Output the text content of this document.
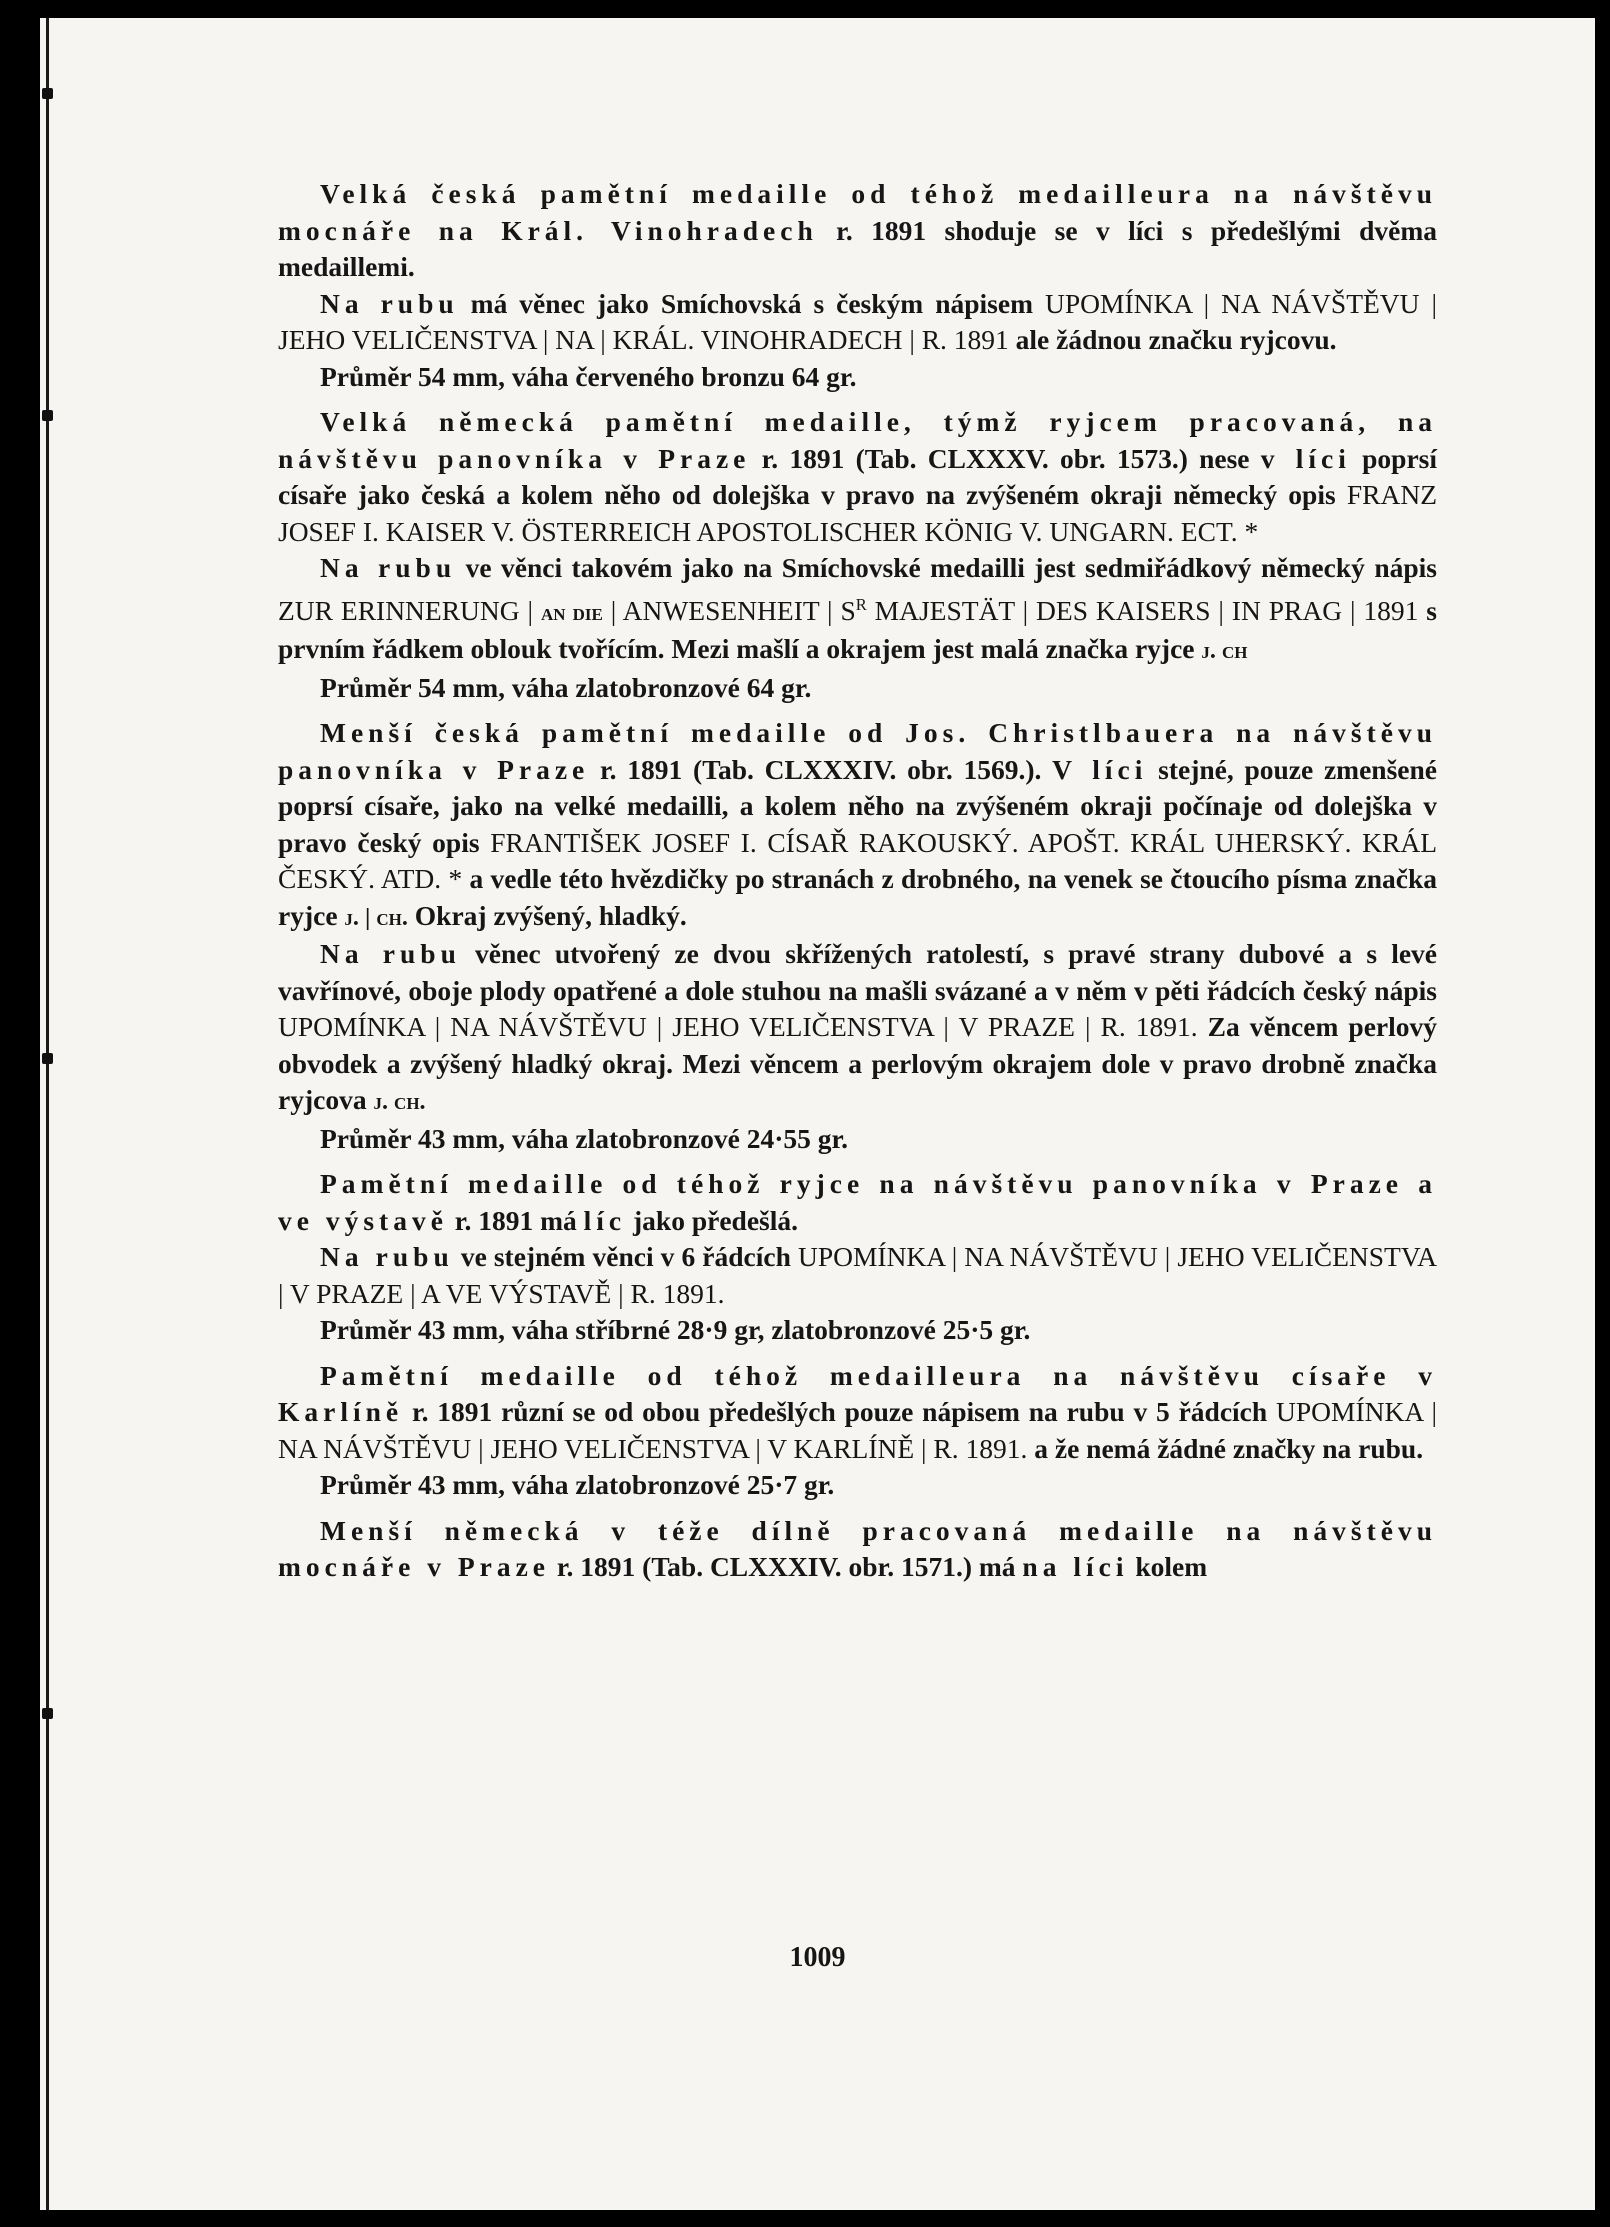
Velká česká pamětní medaille od téhož medailleura na návštěvu mocnáře na Král. Vinohradech r. 1891 shoduje se v líci s předešlými dvěma medaillemi.

Na rubu má věnec jako Smíchovská s českým nápisem UPOMÍNKA | NA NÁVŠTĚVU | JEHO VELIČENSTVA | NA | KRÁL. VINOHRADECH | R. 1891 ale žádnou značku ryjcovu.

Průměr 54 mm, váha červeného bronzu 64 gr.

Velká německá pamětní medaille, týmž ryjcem pracovaná, na návštěvu panovníka v Praze r. 1891 (Tab. CLXXXV. obr. 1573.) nese v líci poprsí císaře jako česká a kolem něho od dolejška v pravo na zvýšeném okraji německý opis FRANZ JOSEF I. KAISER V. ÖSTERREICH APOSTOLISCHER KÖNIG V. UNGARN. ECT. *

Na rubu ve věnci takovém jako na Smíchovské medailli jest sedmiřádkový německý nápis ZUR ERINNERUNG | an die | ANWESENHEIT | $S^R$ MAJESTÄT | DES KAISERS | IN PRAG | 1891 s prvním řádkem oblouk tvořícím. Mezi mašlí a okrajem jest malá značka ryjce j. ch

Průměr 54 mm, váha zlatobronzové 64 gr.

Menší česká pamětní medaille od Jos. Christlbauera na návštěvu panovníka v Praze r. 1891 (Tab. CLXXXIV. obr. 1569.). V líci stejné, pouze zmenšené poprsí císaře, jako na velké medailli, a kolem něho na zvýšeném okraji počínaje od dolejška v pravo český opis FRANTIŠEK JOSEF I. CÍSAŘ RAKOUSKÝ. APOŠT. KRÁL UHERSKÝ. KRÁL ČESKÝ. ATD. * a vedle této hvězdičky po stranách z drobného, na venek se čtoucího písma značka ryjce j. | ch. Okraj zvýšený, hladký.

Na rubu věnec utvořený ze dvou skřížených ratolestí, s pravé strany dubové a s levé vavřínové, oboje plody opatřené a dole stuhou na mašli svázané a v něm v pěti řádcích český nápis UPOMÍNKA | NA NÁVŠTĚVU | JEHO VELIČENSTVA | V PRAZE | R. 1891. Za věncem perlový obvodek a zvýšený hladký okraj. Mezi věncem a perlovým okrajem dole v pravo drobně značka ryjcova j. ch.

Průměr 43 mm, váha zlatobronzové 24·55 gr.

Pamětní medaille od téhož ryjce na návštěvu panovníka v Praze a ve výstavě r. 1891 má líc jako předešlá.

Na rubu ve stejném věnci v 6 řádcích UPOMÍNKA | NA NÁVŠTĚVU | JEHO VELIČENSTVA | V PRAZE | A VE VÝSTAVĚ | R. 1891.

Průměr 43 mm, váha stříbrné 28·9 gr, zlatobronzové 25·5 gr.

Pamětní medaille od téhož medailleura na návštěvu císaře v Karlíně r. 1891 různí se od obou předešlých pouze nápisem na rubu v 5 řádcích UPOMÍNKA | NA NÁVŠTĚVU | JEHO VELIČENSTVA | V KARLÍNĚ | R. 1891. a že nemá žádné značky na rubu.

Průměr 43 mm, váha zlatobronzové 25·7 gr.

Menší německá v téže dílně pracovaná medaille na návštěvu mocnáře v Praze r. 1891 (Tab. CLXXXIV. obr. 1571.) má na líci kolem

1009
